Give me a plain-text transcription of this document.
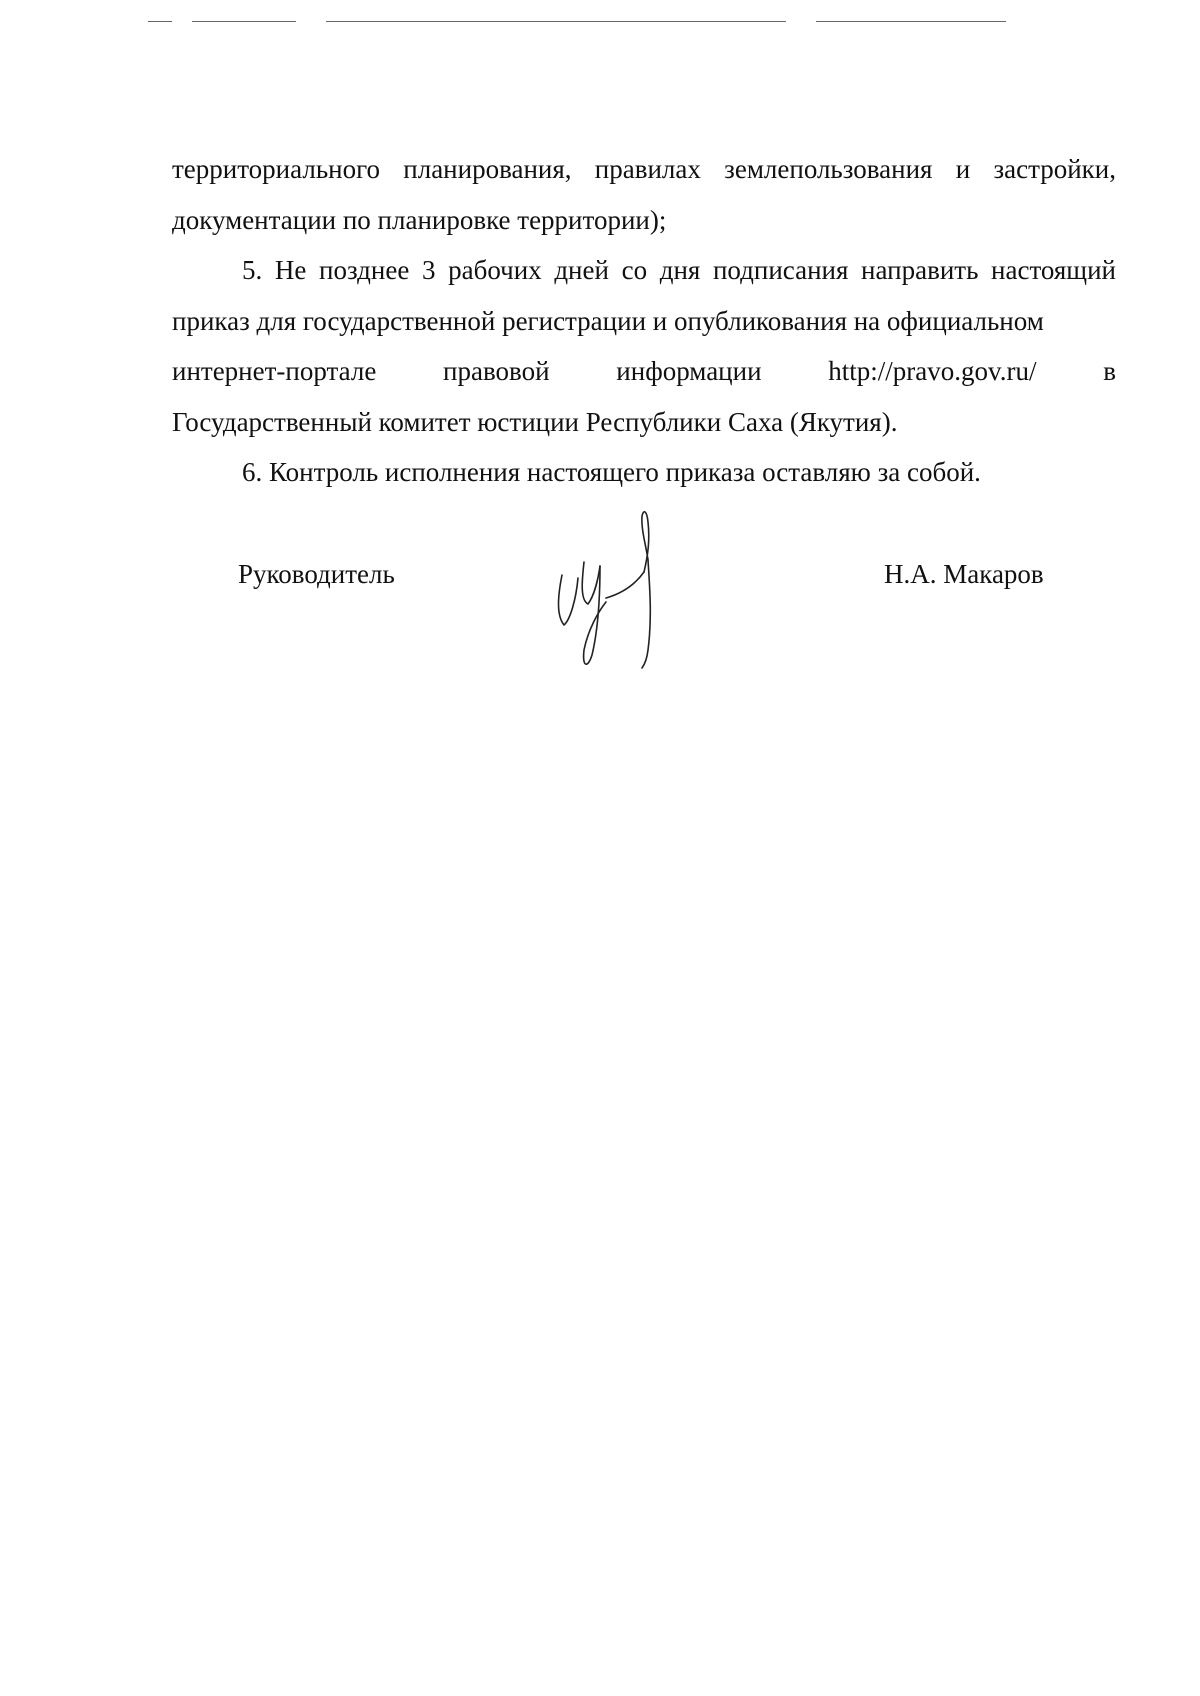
территориального планирования, правилах землепользования и застройки, документации по планировке территории);

5. Не позднее 3 рабочих дней со дня подписания направить настоящий приказ для государственной регистрации и опубликования на официальном

интернет-портале правовой информации http://pravo.gov.ru/ в

Государственный комитет юстиции Республики Саха (Якутия).

6. Контроль исполнения настоящего приказа оставляю за собой.

Руководитель	Н.А. Макаров
